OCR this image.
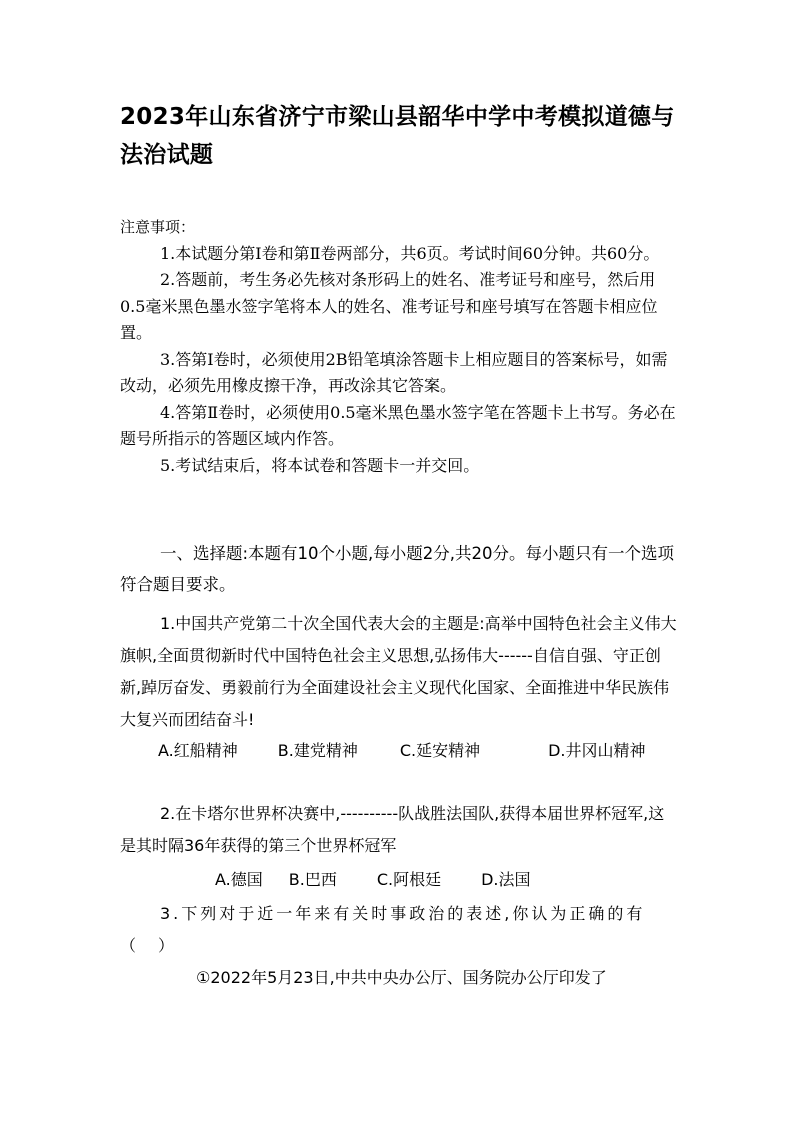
2023年山东省济宁市梁山县韶华中学中考模拟道德与法治试题

注意事项：

1.本试题分第Ⅰ卷和第Ⅱ卷两部分，共6页。考试时间60分钟。共60分。

2.答题前，考生务必先核对条形码上的姓名、准考证号和座号，然后用0.5毫米黑色墨水签字笔将本人的姓名、准考证号和座号填写在答题卡相应位置。

3.答第Ⅰ卷时，必须使用2B铅笔填涂答题卡上相应题目的答案标号，如需改动，必须先用橡皮擦干净，再改涂其它答案。

4.答第Ⅱ卷时，必须使用0.5毫米黑色墨水签字笔在答题卡上书写。务必在题号所指示的答题区域内作答。

5.考试结束后，将本试卷和答题卡一并交回。

一、选择题:本题有10个小题,每小题2分,共20分。每小题只有一个选项符合题目要求。

1.中国共产党第二十次全国代表大会的主题是:高举中国特色社会主义伟大旗帜,全面贯彻新时代中国特色社会主义思想,弘扬伟大------自信自强、守正创新,踔厉奋发、勇毅前行为全面建设社会主义现代化国家、全面推进中华民族伟大复兴而团结奋斗!

A.红船精神	B.建党精神	C.延安精神	D.井冈山精神

2.在卡塔尔世界杯决赛中,----------队战胜法国队,获得本届世界杯冠军,这是其时隔36年获得的第三个世界杯冠军

A.德国 B.巴西	C.阿根廷	D.法国

3.下列对于近一年来有关时事政治的表述,你认为正确的有（　）

①2022年5月23日,中共中央办公厅、国务院办公厅印发了
